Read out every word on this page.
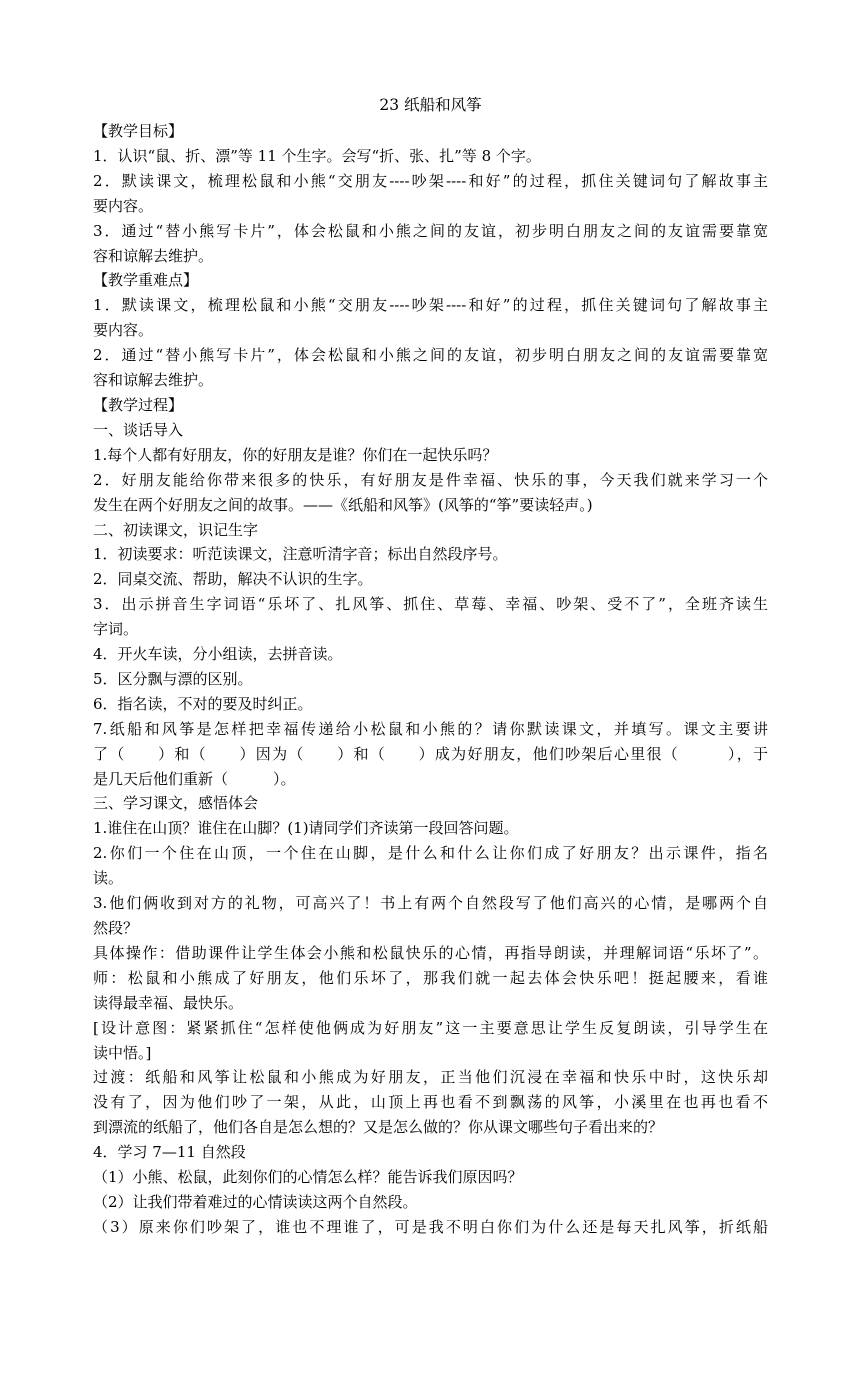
23 纸船和风筝
【教学目标】
1．认识“鼠、折、漂”等 11 个生字。会写“折、张、扎”等 8 个字。
2．默读课文，梳理松鼠和小熊“交朋友----吵架----和好”的过程，抓住关键词句了解故事主
要内容。
3．通过“替小熊写卡片”，体会松鼠和小熊之间的友谊，初步明白朋友之间的友谊需要靠宽
容和谅解去维护。
【教学重难点】
1．默读课文，梳理松鼠和小熊“交朋友----吵架----和好”的过程，抓住关键词句了解故事主
要内容。
2．通过“替小熊写卡片”，体会松鼠和小熊之间的友谊，初步明白朋友之间的友谊需要靠宽
容和谅解去维护。
【教学过程】
一、谈话导入
1.每个人都有好朋友，你的好朋友是谁？你们在一起快乐吗？
2．好朋友能给你带来很多的快乐，有好朋友是件幸福、快乐的事，今天我们就来学习一个
发生在两个好朋友之间的故事。——《纸船和风筝》(风筝的“筝”要读轻声。)
二、初读课文，识记生字
1．初读要求：听范读课文，注意听清字音；标出自然段序号。
2．同桌交流、帮助，解决不认识的生字。
3．出示拼音生字词语“乐坏了、扎风筝、抓住、草莓、幸福、吵架、受不了”，全班齐读生
字词。
4．开火车读，分小组读，去拼音读。
5．区分飘与漂的区别。
6．指名读，不对的要及时纠正。
7.纸船和风筝是怎样把幸福传递给小松鼠和小熊的？请你默读课文，并填写。课文主要讲
了（　　）和（　　）因为（　　）和（　　）成为好朋友，他们吵架后心里很（　　　），于
是几天后他们重新（　　　）。
三、学习课文，感悟体会
1.谁住在山顶？谁住在山脚？(1)请同学们齐读第一段回答问题。
2.你们一个住在山顶，一个住在山脚，是什么和什么让你们成了好朋友？出示课件，指名
读。
3.他们俩收到对方的礼物，可高兴了！书上有两个自然段写了他们高兴的心情，是哪两个自
然段？
具体操作：借助课件让学生体会小熊和松鼠快乐的心情，再指导朗读，并理解词语“乐坏了”。
师：松鼠和小熊成了好朋友，他们乐坏了，那我们就一起去体会快乐吧！挺起腰来，看谁
读得最幸福、最快乐。
[设计意图：紧紧抓住“怎样使他俩成为好朋友”这一主要意思让学生反复朗读，引导学生在
读中悟。]
过渡：纸船和风筝让松鼠和小熊成为好朋友，正当他们沉浸在幸福和快乐中时，这快乐却
没有了，因为他们吵了一架，从此，山顶上再也看不到飘荡的风筝，小溪里在也再也看不
到漂流的纸船了，他们各自是怎么想的？又是怎么做的？你从课文哪些句子看出来的？
4．学习 7—11 自然段
（1）小熊、松鼠，此刻你们的心情怎么样？能告诉我们原因吗？
（2）让我们带着难过的心情读读这两个自然段。
（3）原来你们吵架了，谁也不理谁了，可是我不明白你们为什么还是每天扎风筝，折纸船
